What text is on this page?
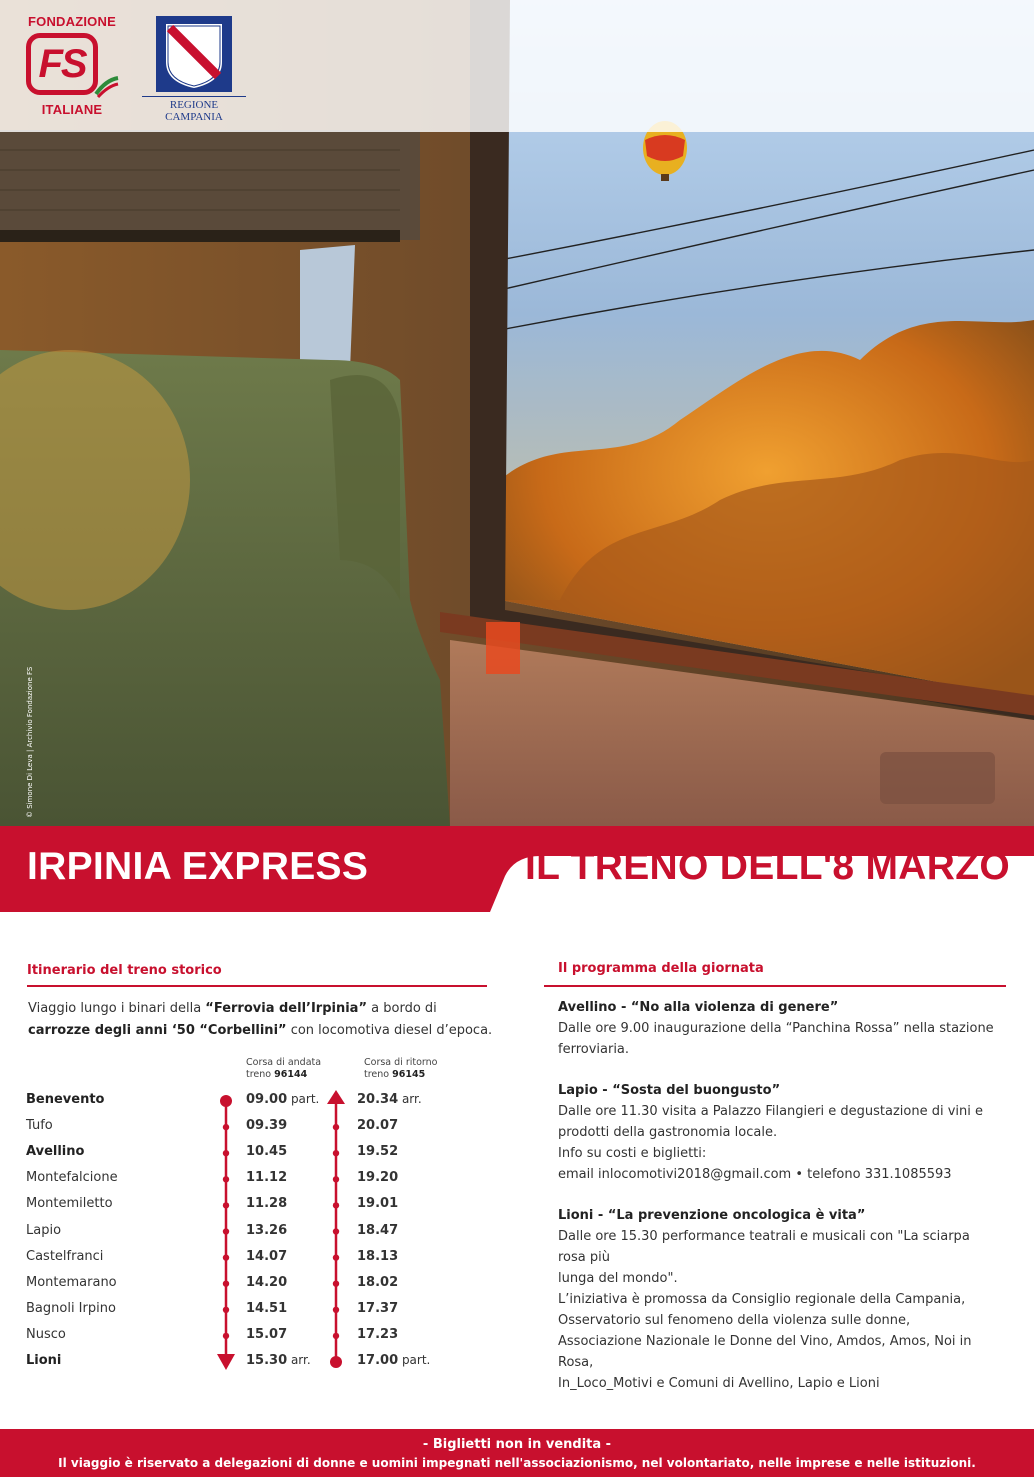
FONDAZIONE
FS
ITALIANE	REGIONE CAMPANIA
© Simone Di Leva | Archivio Fondazione FS
IRPINIA EXPRESS	IL TRENO DELL'8 MARZO
Itinerario del treno storico
Viaggio lungo i binari della “Ferrovia dell’Irpinia” a bordo di
carrozze degli anni ‘50 “Corbellini” con locomotiva diesel d’epoca.
Corsa di andata
treno 96144
Corsa di ritorno
treno 96145
Benevento	09.00 part.	20.34 arr.
Tufo	09.39	20.07
Avellino	10.45	19.52
Montefalcione	11.12	19.20
Montemiletto	11.28	19.01
Lapio	13.26	18.47
Castelfranci	14.07	18.13
Montemarano	14.20	18.02
Bagnoli Irpino	14.51	17.37
Nusco	15.07	17.23
Lioni	15.30 arr.	17.00 part.
Il programma della giornata
Avellino - “No alla violenza di genere”
Dalle ore 9.00 inaugurazione della “Panchina Rossa” nella stazione
ferroviaria.
Lapio - “Sosta del buongusto”
Dalle ore 11.30 visita a Palazzo Filangieri e degustazione di vini e
prodotti della gastronomia locale.
Info su costi e biglietti:
email inlocomotivi2018@gmail.com • telefono 331.1085593
Lioni - “La prevenzione oncologica è vita”
Dalle ore 15.30 performance teatrali e musicali con "La sciarpa rosa più
lunga del mondo".
L’iniziativa è promossa da Consiglio regionale della Campania,
Osservatorio sul fenomeno della violenza sulle donne,
Associazione Nazionale le Donne del Vino, Amdos, Amos, Noi in Rosa,
In_Loco_Motivi e Comuni di Avellino, Lapio e Lioni
- Biglietti non in vendita -
Il viaggio è riservato a delegazioni di donne e uomini impegnati nell'associazionismo, nel volontariato, nelle imprese e nelle istituzioni.
